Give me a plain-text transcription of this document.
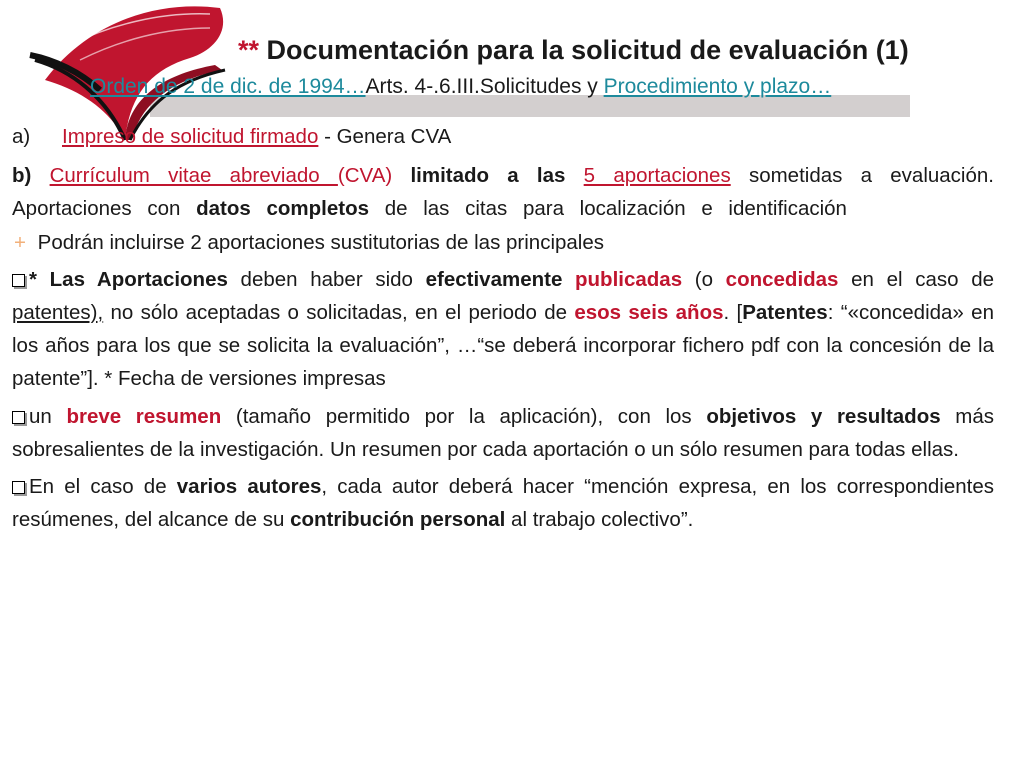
** Documentación para la solicitud de evaluación (1)
Orden de 2 de dic. de 1994…Arts. 4-.6.III.Solicitudes y Procedimiento y plazo…

a) Impreso de solicitud firmado - Genera CVA

b) Currículum vitae abreviado (CVA) limitado a las 5 aportaciones sometidas a evaluación. Aportaciones con datos completos de las citas para localización e identificación

+ Podrán incluirse 2 aportaciones sustitutorias de las principales

* Las Aportaciones deben haber sido efectivamente publicadas (o concedidas en el caso de patentes), no sólo aceptadas o solicitadas, en el periodo de esos seis años. [Patentes: “«concedida» en los años para los que se solicita la evaluación”, …“se deberá incorporar fichero pdf con la concesión de la patente”]. * Fecha de versiones impresas

un breve resumen (tamaño permitido por la aplicación), con los objetivos y resultados más sobresalientes de la investigación. Un resumen por cada aportación o un sólo resumen para todas ellas.

En el caso de varios autores, cada autor deberá hacer “mención expresa, en los correspondientes resúmenes, del alcance de su contribución personal al trabajo colectivo”.
